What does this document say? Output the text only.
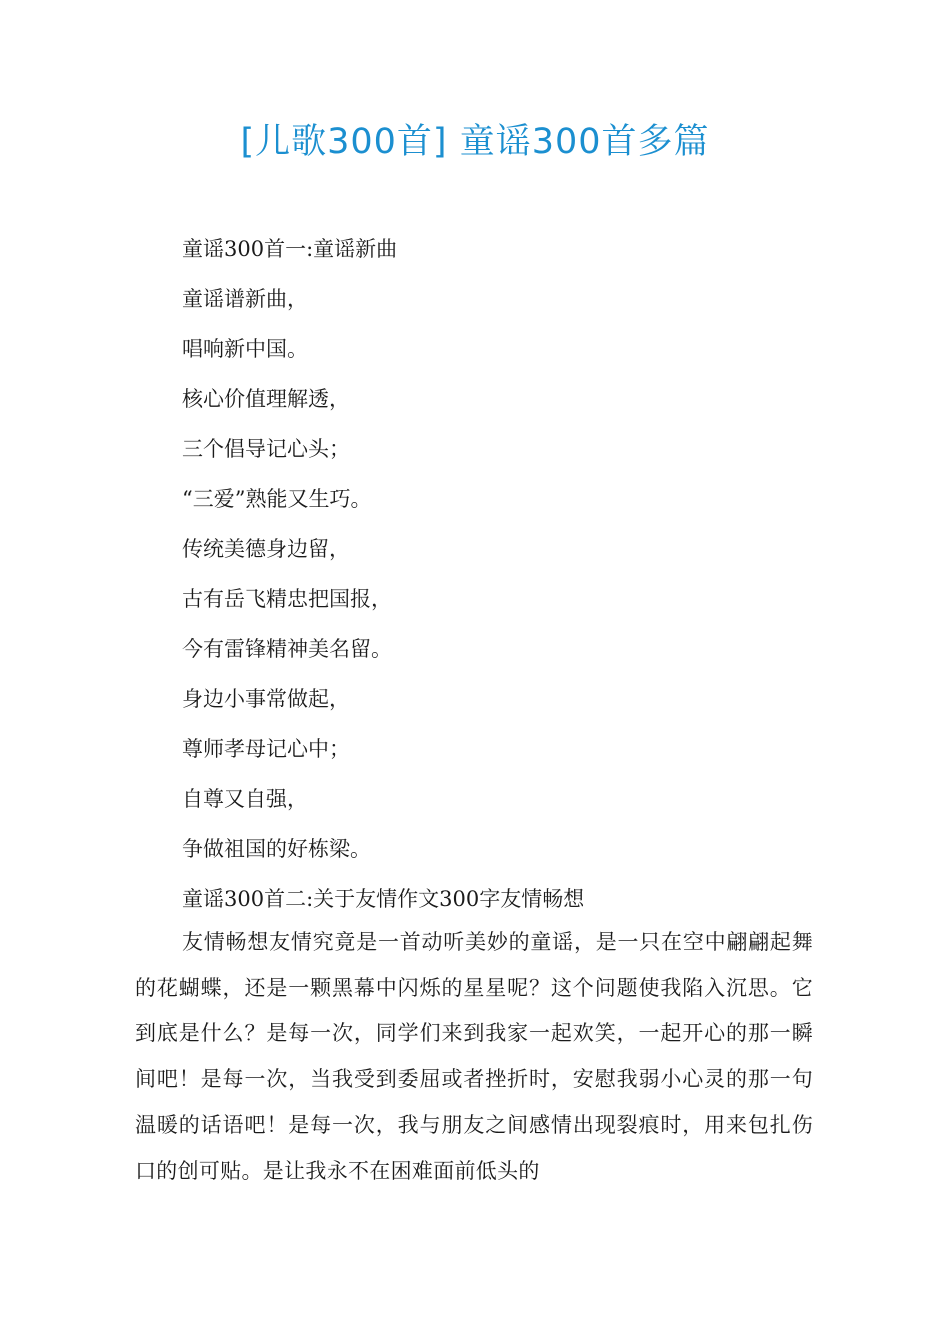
[儿歌300首] 童谣300首多篇
童谣300首一:童谣新曲
童谣谱新曲，
唱响新中国。
核心价值理解透，
三个倡导记心头；
“三爱”熟能又生巧。
传统美德身边留，
古有岳飞精忠把国报，
今有雷锋精神美名留。
身边小事常做起，
尊师孝母记心中；
自尊又自强，
争做祖国的好栋梁。
童谣300首二:关于友情作文300字友情畅想

友情畅想友情究竟是一首动听美妙的童谣，是一只在空中翩翩起舞的花蝴蝶，还是一颗黑幕中闪烁的星星呢？这个问题使我陷入沉思。它到底是什么？是每一次，同学们来到我家一起欢笑，一起开心的那一瞬间吧！是每一次，当我受到委屈或者挫折时，安慰我弱小心灵的那一句温暖的话语吧！是每一次，我与朋友之间感情出现裂痕时，用来包扎伤口的创可贴。是让我永不在困难面前低头的
